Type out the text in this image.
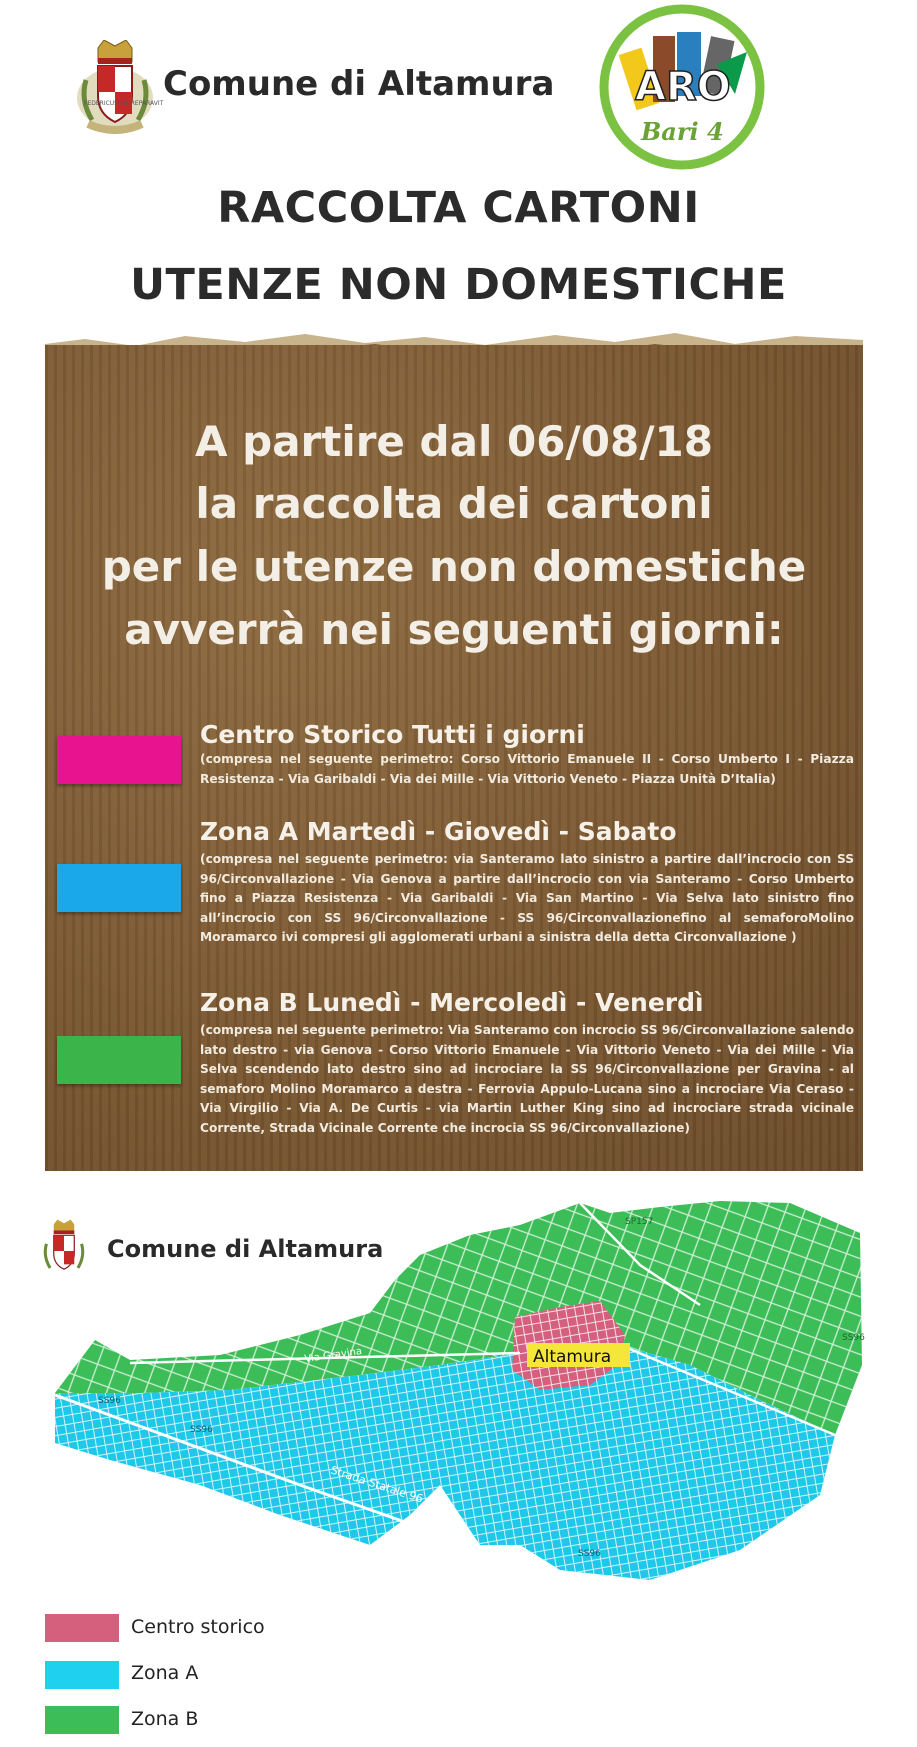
FEDERICUS ME REPARAVIT Comune di Altamura ARO
Bari 4
RACCOLTA CARTONI
UTENZE NON DOMESTICHE
A partire dal 06/08/18
la raccolta dei cartoni
per le utenze non domestiche
avverrà nei seguenti giorni:
Centro Storico Tutti i giorni
(compresa nel seguente perimetro: Corso Vittorio Emanuele II - Corso Umberto I - Piazza Resistenza - Via Garibaldi - Via dei Mille - Via Vittorio Veneto - Piazza Unità D’Italia)
Zona A Martedì - Giovedì - Sabato
(compresa nel seguente perimetro: via Santeramo lato sinistro a partire dall’incrocio con SS 96/Circonvallazione - Via Genova a partire dall’incrocio con via Santeramo - Corso Umberto fino a Piazza Resistenza - Via Garibaldi - Via San Martino - Via Selva lato sinistro fino all’incrocio con SS 96/Circonvallazione - SS 96/Circonvallazionefino al semaforoMolino Moramarco ivi compresi gli agglomerati urbani a sinistra della detta Circonvallazione )
Zona B Lunedì - Mercoledì - Venerdì
(compresa nel seguente perimetro: Via Santeramo con incrocio SS 96/Circonvallazione salendo lato destro - via Genova - Corso Vittorio Emanuele - Via Vittorio Veneto - Via dei Mille - Via Selva scendendo lato destro sino ad incrociare la SS 96/Circonvallazione per Gravina - al semaforo Molino Moramarco a destra - Ferrovia Appulo-Lucana sino a incrociare Via Ceraso - Via Virgilio - Via A. De Curtis - via Martin Luther King sino ad incrociare strada vicinale Corrente, Strada Vicinale Corrente che incrocia SS 96/Circonvallazione)
Comune di Altamura
SP157
SS96
SS96
SS96
SS96
Via Gravina
Strada Statale 96
Altamura
Centro storico
Zona A
Zona B
